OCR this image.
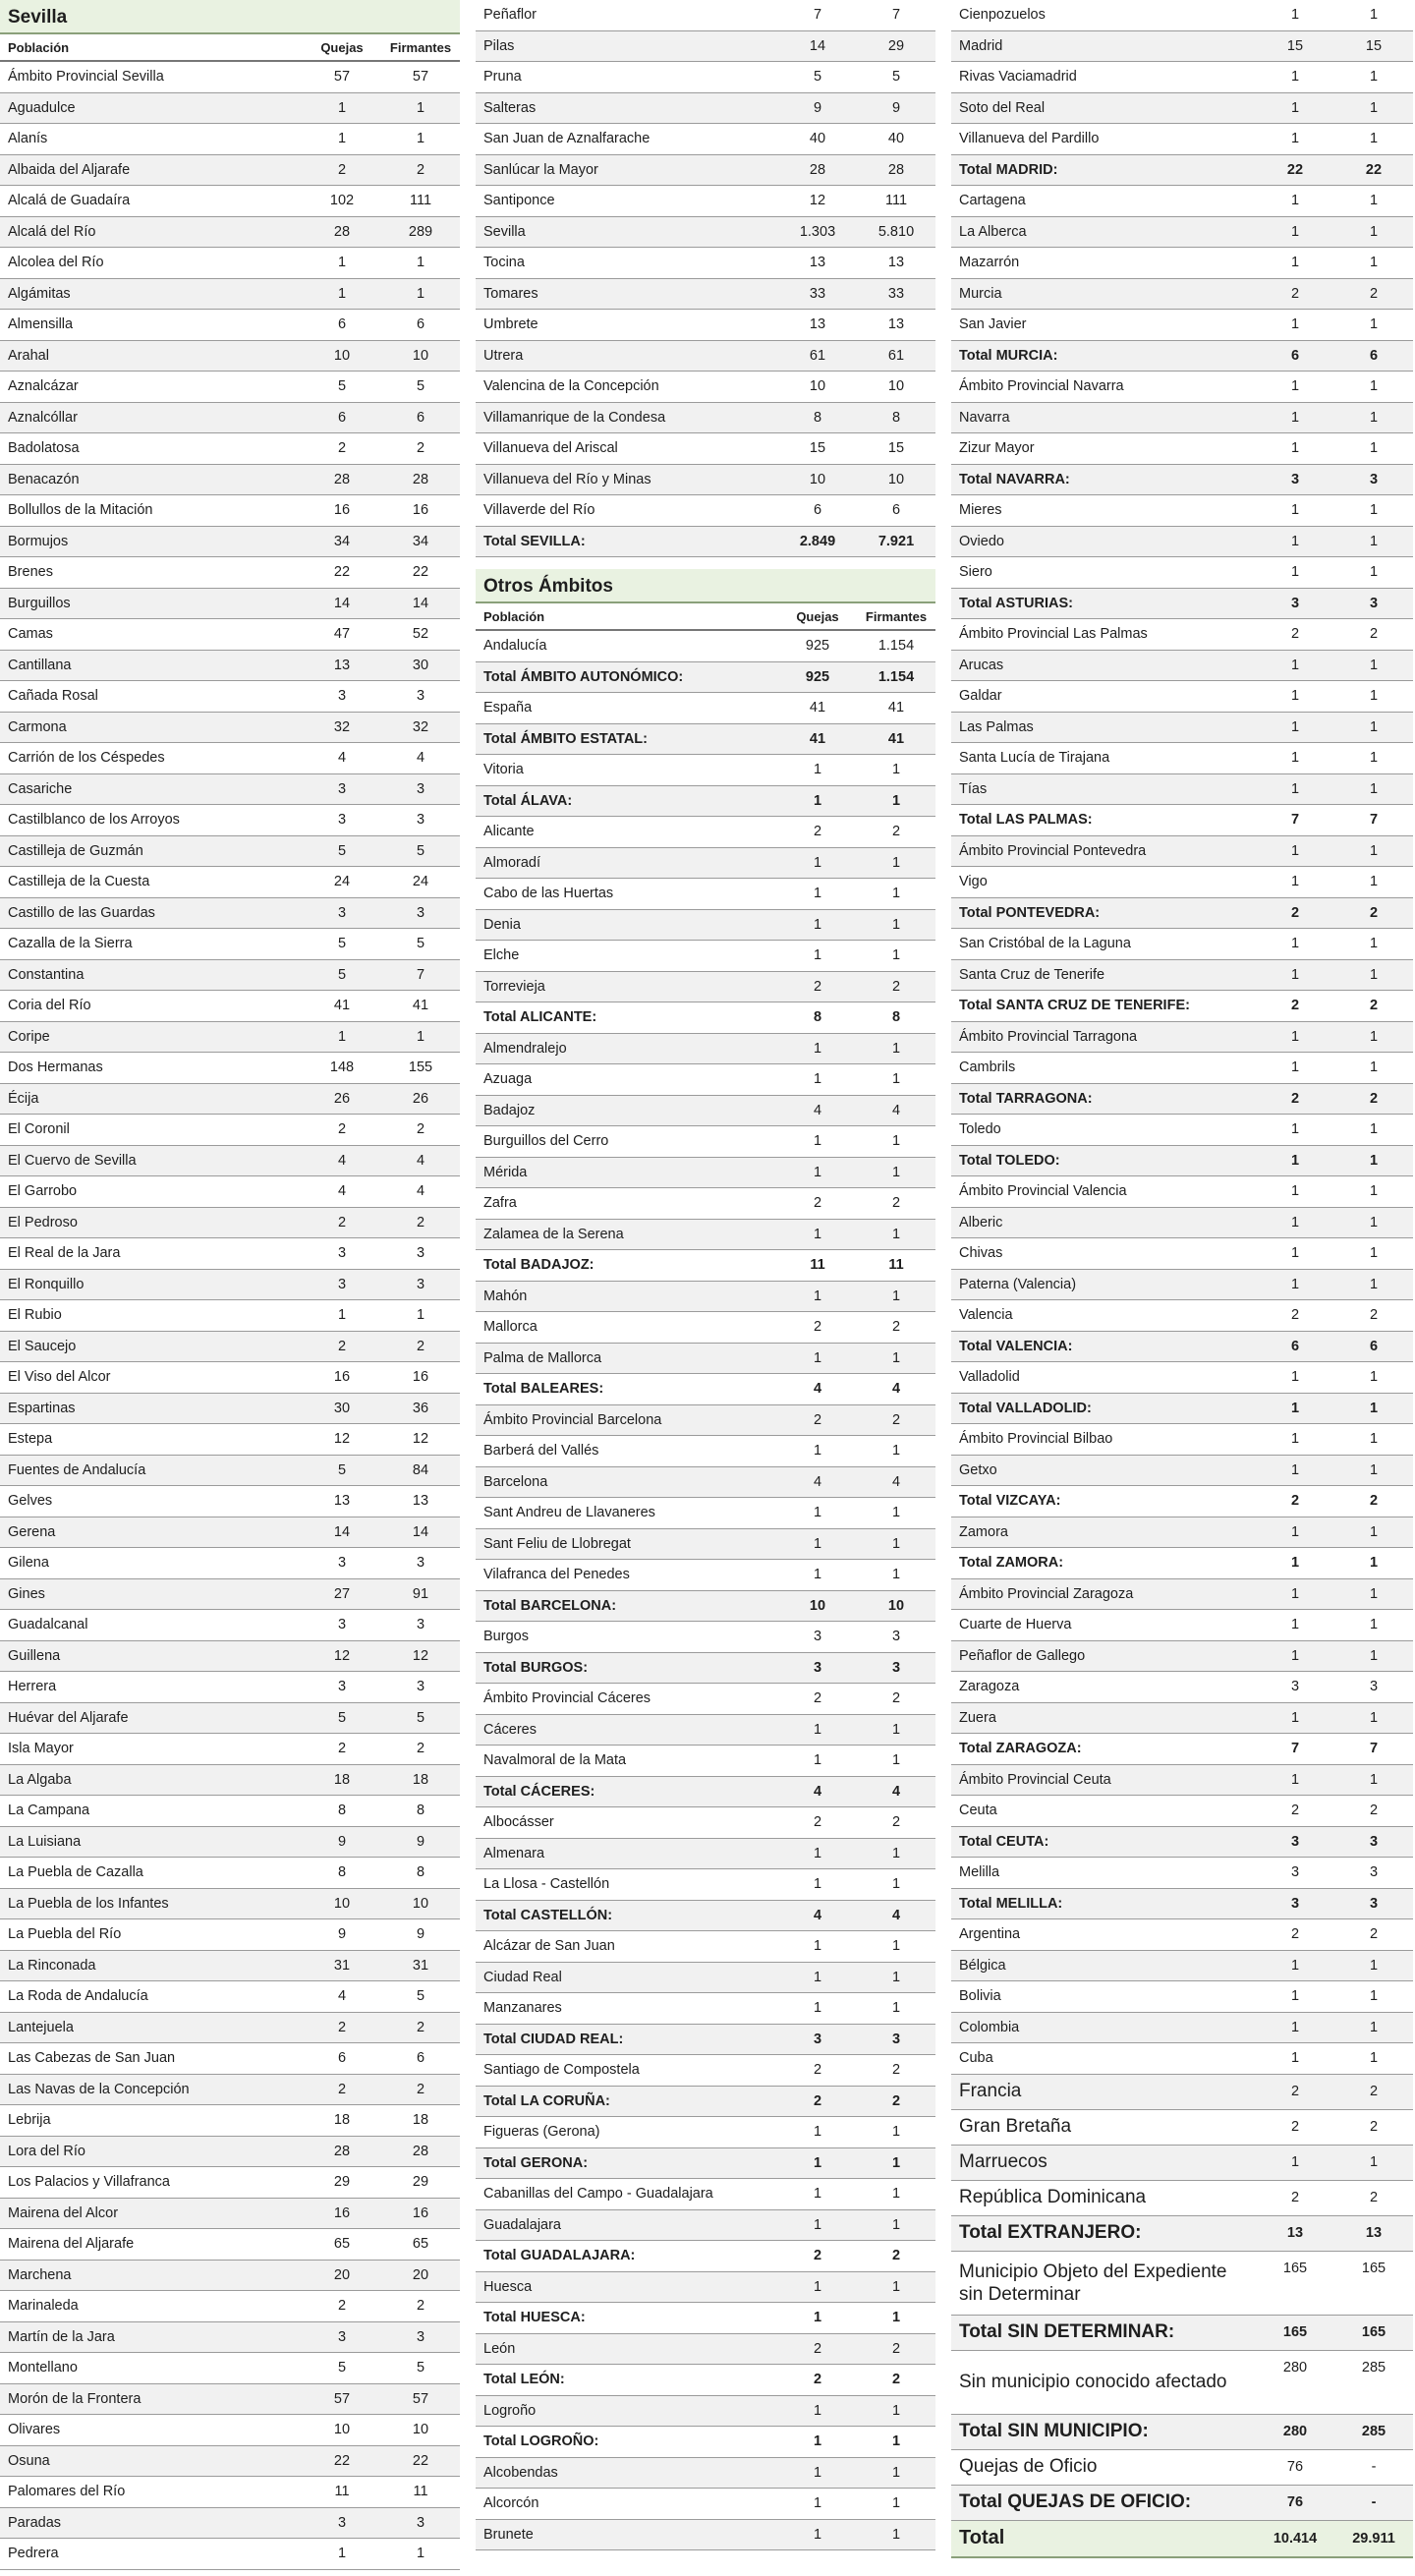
Sevilla
Población	Quejas	Firmantes
Ámbito Provincial Sevilla	57	57
Aguadulce	1	1
Alanís	1	1
Albaida del Aljarafe	2	2
Alcalá de Guadaíra	102	111
Alcalá del Río	28	289
Alcolea del Río	1	1
Algámitas	1	1
Almensilla	6	6
Arahal	10	10
Aznalcázar	5	5
Aznalcóllar	6	6
Badolatosa	2	2
Benacazón	28	28
Bollullos de la Mitación	16	16
Bormujos	34	34
Brenes	22	22
Burguillos	14	14
Camas	47	52
Cantillana	13	30
Cañada Rosal	3	3
Carmona	32	32
Carrión de los Céspedes	4	4
Casariche	3	3
Castilblanco de los Arroyos	3	3
Castilleja de Guzmán	5	5
Castilleja de la Cuesta	24	24
Castillo de las Guardas	3	3
Cazalla de la Sierra	5	5
Constantina	5	7
Coria del Río	41	41
Coripe	1	1
Dos Hermanas	148	155
Écija	26	26
El Coronil	2	2
El Cuervo de Sevilla	4	4
El Garrobo	4	4
El Pedroso	2	2
El Real de la Jara	3	3
El Ronquillo	3	3
El Rubio	1	1
El Saucejo	2	2
El Viso del Alcor	16	16
Espartinas	30	36
Estepa	12	12
Fuentes de Andalucía	5	84
Gelves	13	13
Gerena	14	14
Gilena	3	3
Gines	27	91
Guadalcanal	3	3
Guillena	12	12
Herrera	3	3
Huévar del Aljarafe	5	5
Isla Mayor	2	2
La Algaba	18	18
La Campana	8	8
La Luisiana	9	9
La Puebla de Cazalla	8	8
La Puebla de los Infantes	10	10
La Puebla del Río	9	9
La Rinconada	31	31
La Roda de Andalucía	4	5
Lantejuela	2	2
Las Cabezas de San Juan	6	6
Las Navas de la Concepción	2	2
Lebrija	18	18
Lora del Río	28	28
Los Palacios y Villafranca	29	29
Mairena del Alcor	16	16
Mairena del Aljarafe	65	65
Marchena	20	20
Marinaleda	2	2
Martín de la Jara	3	3
Montellano	5	5
Morón de la Frontera	57	57
Olivares	10	10
Osuna	22	22
Palomares del Río	11	11
Paradas	3	3
Pedrera	1	1
Peñaflor	7	7
Pilas	14	29
Pruna	5	5
Salteras	9	9
San Juan de Aznalfarache	40	40
Sanlúcar la Mayor	28	28
Santiponce	12	111
Sevilla	1.303	5.810
Tocina	13	13
Tomares	33	33
Umbrete	13	13
Utrera	61	61
Valencina de la Concepción	10	10
Villamanrique de la Condesa	8	8
Villanueva del Ariscal	15	15
Villanueva del Río y Minas	10	10
Villaverde del Río	6	6
Total SEVILLA:	2.849	7.921
Otros Ámbitos
Población	Quejas	Firmantes
Andalucía	925	1.154
Total ÁMBITO AUTONÓMICO:	925	1.154
España	41	41
Total ÁMBITO ESTATAL:	41	41
Vitoria	1	1
Total ÁLAVA:	1	1
Alicante	2	2
Almoradí	1	1
Cabo de las Huertas	1	1
Denia	1	1
Elche	1	1
Torrevieja	2	2
Total ALICANTE:	8	8
Almendralejo	1	1
Azuaga	1	1
Badajoz	4	4
Burguillos del Cerro	1	1
Mérida	1	1
Zafra	2	2
Zalamea de la Serena	1	1
Total BADAJOZ:	11	11
Mahón	1	1
Mallorca	2	2
Palma de Mallorca	1	1
Total BALEARES:	4	4
Ámbito Provincial Barcelona	2	2
Barberá del Vallés	1	1
Barcelona	4	4
Sant Andreu de Llavaneres	1	1
Sant Feliu de Llobregat	1	1
Vilafranca del Penedes	1	1
Total BARCELONA:	10	10
Burgos	3	3
Total BURGOS:	3	3
Ámbito Provincial Cáceres	2	2
Cáceres	1	1
Navalmoral de la Mata	1	1
Total CÁCERES:	4	4
Albocásser	2	2
Almenara	1	1
La Llosa - Castellón	1	1
Total CASTELLÓN:	4	4
Alcázar de San Juan	1	1
Ciudad Real	1	1
Manzanares	1	1
Total CIUDAD REAL:	3	3
Santiago de Compostela	2	2
Total LA CORUÑA:	2	2
Figueras (Gerona)	1	1
Total GERONA:	1	1
Cabanillas del Campo - Guadalajara	1	1
Guadalajara	1	1
Total GUADALAJARA:	2	2
Huesca	1	1
Total HUESCA:	1	1
León	2	2
Total LEÓN:	2	2
Logroño	1	1
Total LOGROÑO:	1	1
Alcobendas	1	1
Alcorcón	1	1
Brunete	1	1
Cienpozuelos	1	1
Madrid	15	15
Rivas Vaciamadrid	1	1
Soto del Real	1	1
Villanueva del Pardillo	1	1
Total MADRID:	22	22
Cartagena	1	1
La Alberca	1	1
Mazarrón	1	1
Murcia	2	2
San Javier	1	1
Total MURCIA:	6	6
Ámbito Provincial Navarra	1	1
Navarra	1	1
Zizur Mayor	1	1
Total NAVARRA:	3	3
Mieres	1	1
Oviedo	1	1
Siero	1	1
Total ASTURIAS:	3	3
Ámbito Provincial Las Palmas	2	2
Arucas	1	1
Galdar	1	1
Las Palmas	1	1
Santa Lucía de Tirajana	1	1
Tías	1	1
Total LAS PALMAS:	7	7
Ámbito Provincial Pontevedra	1	1
Vigo	1	1
Total PONTEVEDRA:	2	2
San Cristóbal de la Laguna	1	1
Santa Cruz de Tenerife	1	1
Total SANTA CRUZ DE TENERIFE:	2	2
Ámbito Provincial Tarragona	1	1
Cambrils	1	1
Total TARRAGONA:	2	2
Toledo	1	1
Total TOLEDO:	1	1
Ámbito Provincial Valencia	1	1
Alberic	1	1
Chivas	1	1
Paterna (Valencia)	1	1
Valencia	2	2
Total VALENCIA:	6	6
Valladolid	1	1
Total VALLADOLID:	1	1
Ámbito Provincial Bilbao	1	1
Getxo	1	1
Total VIZCAYA:	2	2
Zamora	1	1
Total ZAMORA:	1	1
Ámbito Provincial Zaragoza	1	1
Cuarte de Huerva	1	1
Peñaflor de Gallego	1	1
Zaragoza	3	3
Zuera	1	1
Total ZARAGOZA:	7	7
Ámbito Provincial Ceuta	1	1
Ceuta	2	2
Total CEUTA:	3	3
Melilla	3	3
Total MELILLA:	3	3
Argentina	2	2
Bélgica	1	1
Bolivia	1	1
Colombia	1	1
Cuba	1	1
Francia	2	2
Gran Bretaña	2	2
Marruecos	1	1
República Dominicana	2	2
Total EXTRANJERO:	13	13
Municipio Objeto del Expediente sin Determinar	165	165
Total SIN DETERMINAR:	165	165
Sin municipio conocido afectado	280	285
Total SIN MUNICIPIO:	280	285
Quejas de Oficio	76	-
Total QUEJAS DE OFICIO:	76	-
Total	10.414	29.911
